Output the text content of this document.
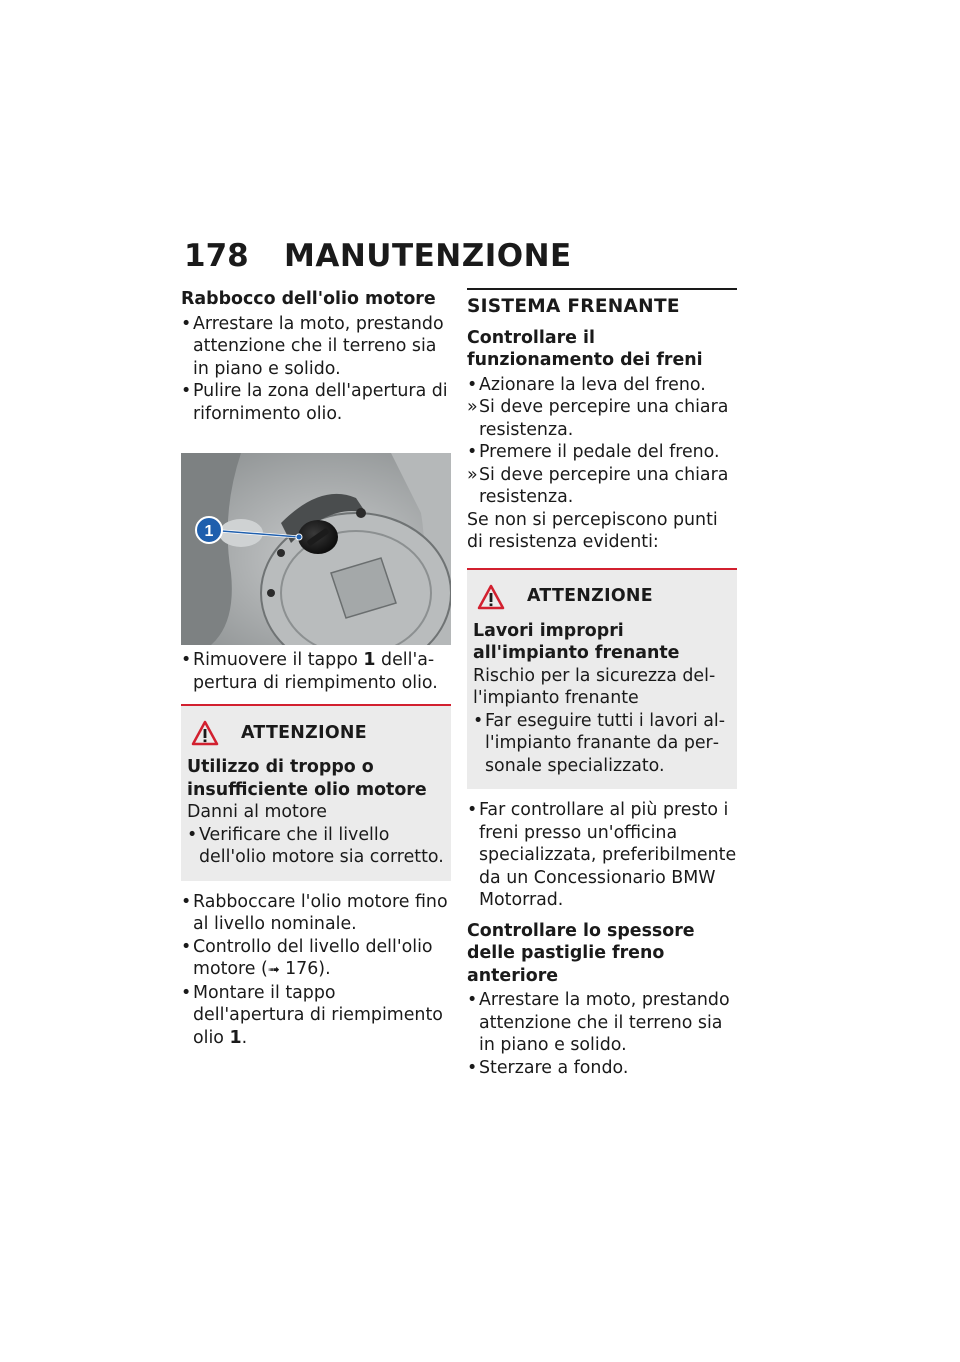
178 MANUTENZIONE
Rabbocco dell'olio motore
• Arrestare la moto, prestando attenzione che il terreno sia in piano e solido.
• Pulire la zona dell'apertura di rifornimento olio.
1
• Rimuovere il tappo 1 dell'apertura di riempimento olio.
ATTENZIONE
Utilizzo di troppo o insufficiente olio motore
Danni al motore
• Verificare che il livello dell'olio motore sia corretto.
• Rabboccare l'olio motore fino al livello nominale.
• Controllo del livello dell'olio motore (➟ 176).
• Montare il tappo dell'apertura di riempimento olio 1.
SISTEMA FRENANTE
Controllare il funzionamento dei freni
• Azionare la leva del freno.
» Si deve percepire una chiara resistenza.
• Premere il pedale del freno.
» Si deve percepire una chiara resistenza.
Se non si percepiscono punti di resistenza evidenti:
ATTENZIONE
Lavori impropri all'impianto frenante
Rischio per la sicurezza dell'impianto frenante
• Far eseguire tutti i lavori all'impianto franante da personale specializzato.
• Far controllare al più presto i freni presso un'officina specializzata, preferibilmente da un Concessionario BMW Motorrad.
Controllare lo spessore delle pastiglie freno anteriore
• Arrestare la moto, prestando attenzione che il terreno sia in piano e solido.
• Sterzare a fondo.
